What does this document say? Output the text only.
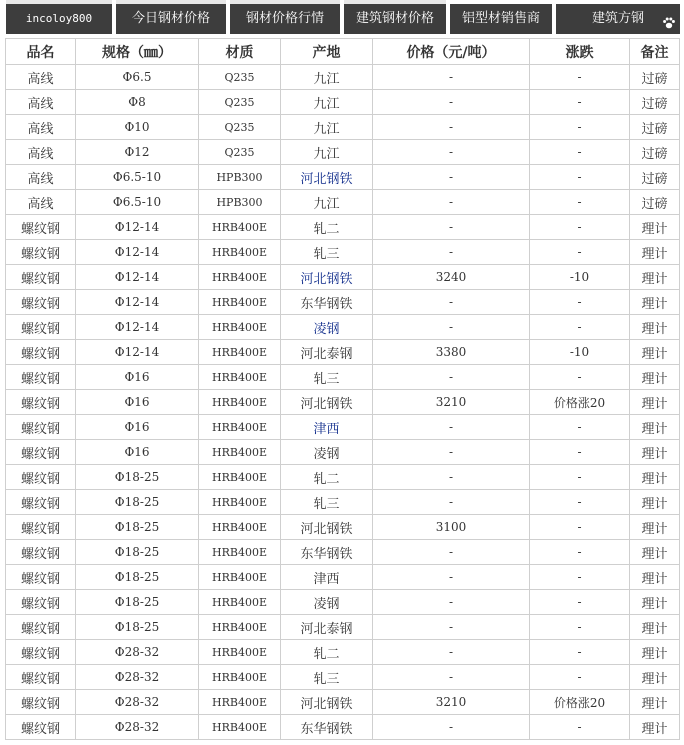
incoloy800	今日钢材价格	钢材价格行情	建筑钢材价格	铝型材销售商	建筑方钢
品名	规格（㎜）	材质	产地	价格（元/吨）	涨跌	备注
高线	Φ6.5	Q235	九江	-	-	过磅
高线	Φ8	Q235	九江	-	-	过磅
高线	Φ10	Q235	九江	-	-	过磅
高线	Φ12	Q235	九江	-	-	过磅
高线	Φ6.5-10	HPB300	河北钢铁	-	-	过磅
高线	Φ6.5-10	HPB300	九江	-	-	过磅
螺纹钢	Φ12-14	HRB400E	轧二	-	-	理计
螺纹钢	Φ12-14	HRB400E	轧三	-	-	理计
螺纹钢	Φ12-14	HRB400E	河北钢铁	3240	-10	理计
螺纹钢	Φ12-14	HRB400E	东华钢铁	-	-	理计
螺纹钢	Φ12-14	HRB400E	凌钢	-	-	理计
螺纹钢	Φ12-14	HRB400E	河北泰钢	3380	-10	理计
螺纹钢	Φ16	HRB400E	轧三	-	-	理计
螺纹钢	Φ16	HRB400E	河北钢铁	3210	价格涨20	理计
螺纹钢	Φ16	HRB400E	津西	-	-	理计
螺纹钢	Φ16	HRB400E	凌钢	-	-	理计
螺纹钢	Φ18-25	HRB400E	轧二	-	-	理计
螺纹钢	Φ18-25	HRB400E	轧三	-	-	理计
螺纹钢	Φ18-25	HRB400E	河北钢铁	3100	-	理计
螺纹钢	Φ18-25	HRB400E	东华钢铁	-	-	理计
螺纹钢	Φ18-25	HRB400E	津西	-	-	理计
螺纹钢	Φ18-25	HRB400E	凌钢	-	-	理计
螺纹钢	Φ18-25	HRB400E	河北泰钢	-	-	理计
螺纹钢	Φ28-32	HRB400E	轧二	-	-	理计
螺纹钢	Φ28-32	HRB400E	轧三	-	-	理计
螺纹钢	Φ28-32	HRB400E	河北钢铁	3210	价格涨20	理计
螺纹钢	Φ28-32	HRB400E	东华钢铁	-	-	理计
